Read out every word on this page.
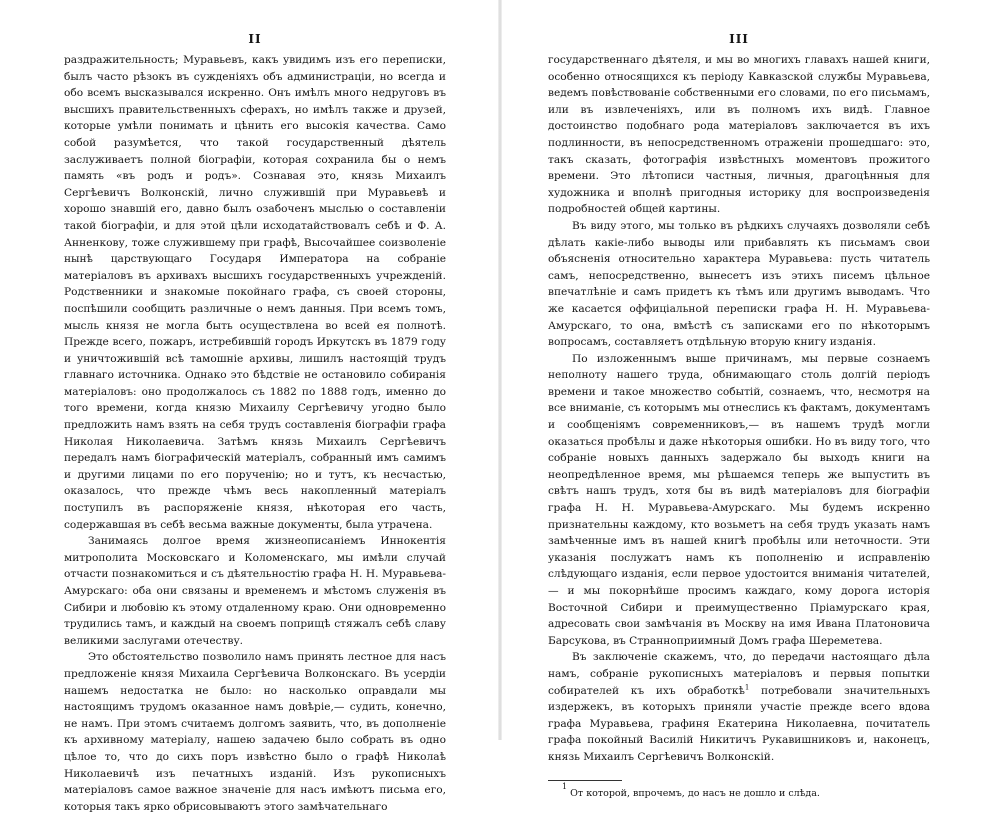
II

раздражительность; Муравьевъ, какъ увидимъ изъ его переписки, былъ часто рѣзокъ въ сужденіяхъ объ администраціи, но всегда и обо всемъ высказывался искренно. Онъ имѣлъ много недруговъ въ высшихъ правительственныхъ сферахъ, но имѣлъ также и друзей, которые умѣли понимать и цѣнить его высокія качества. Само собой разумѣется, что такой государственный дѣятель заслуживаетъ полной біографіи, которая сохранила бы о немъ память «въ родъ и родъ». Сознавая это, князь Михаилъ Сергѣевичъ Волконскій, лично служившій при Муравьевѣ и хорошо знавшій его, давно былъ озабоченъ мыслью о составленіи такой біографіи, и для этой цѣли исходатайствовалъ себѣ и Ф. А. Анненкову, тоже служившему при графѣ, Высочайшее соизволеніе нынѣ царствующаго Государя Императора на собраніе матеріаловъ въ архивахъ высшихъ государственныхъ учрежденій. Родственники и знакомые покойнаго графа, съ своей стороны, поспѣшили сообщить различные о немъ данныя. При всемъ томъ, мысль князя не могла быть осуществлена во всей ея полнотѣ. Прежде всего, пожаръ, истребившій городъ Иркутскъ въ 1879 году и уничтожившій всѣ тамошніе архивы, лишилъ настоящій трудъ главнаго источника. Однако это бѣдствіе не остановило собиранія матеріаловъ: оно продолжалось съ 1882 по 1888 годъ, именно до того времени, когда князю Михаилу Сергѣевичу угодно было предложить намъ взять на себя трудъ составленія біографіи графа Николая Николаевича. Затѣмъ князь Михаилъ Сергѣевичъ передалъ намъ біографическій матеріалъ, собранный имъ самимъ и другими лицами по его порученію; но и тутъ, къ несчастью, оказалось, что прежде чѣмъ весь накопленный матеріалъ поступилъ въ распоряженіе князя, нѣкоторая его часть, содержавшая въ себѣ весьма важные документы, была утрачена.

Занимаясь долгое время жизнеописаніемъ Иннокентія митрополита Московскаго и Коломенскаго, мы имѣли случай отчасти познакомиться и съ дѣятельностію графа Н. Н. Муравьева-Амурскаго: оба они связаны и временемъ и мѣстомъ служенія въ Сибири и любовію къ этому отдаленному краю. Они одновременно трудились тамъ, и каждый на своемъ поприщѣ стяжалъ себѣ славу великими заслугами отечеству.

Это обстоятельство позволило намъ принять лестное для насъ предложеніе князя Михаила Сергѣевича Волконскаго. Въ усердіи нашемъ недостатка не было: но насколько оправдали мы настоящимъ трудомъ оказанное намъ довѣріе,— судить, конечно, не намъ. При этомъ считаемъ долгомъ заявить, что, въ дополненіе къ архивному матеріалу, нашею задачею было собрать въ одно цѣлое то, что до сихъ поръ извѣстно было о графѣ Николаѣ Николаевичѣ изъ печатныхъ изданій. Изъ рукописныхъ матеріаловъ самое важное значеніе для насъ имѣютъ письма его, которыя такъ ярко обрисовываютъ этого замѣчательнаго

III

государственнаго дѣятеля, и мы во многихъ главахъ нашей книги, особенно относящихся къ періоду Кавказской службы Муравьева, ведемъ повѣствованіе собственными его словами, по его письмамъ, или въ извлеченіяхъ, или въ полномъ ихъ видѣ. Главное достоинство подобнаго рода матеріаловъ заключается въ ихъ подлинности, въ непосредственномъ отраженіи прошедшаго: это, такъ сказать, фотографія извѣстныхъ моментовъ прожитого времени. Это лѣтописи частныя, личныя, драгоцѣнныя для художника и вполнѣ пригодныя историку для воспроизведенія подробностей общей картины.

Въ виду этого, мы только въ рѣдкихъ случаяхъ дозволяли себѣ дѣлать какіе-либо выводы или прибавлять къ письмамъ свои объясненія относительно характера Муравьева: пусть читатель самъ, непосредственно, вынесетъ изъ этихъ писемъ цѣльное впечатлѣніе и самъ придетъ къ тѣмъ или другимъ выводамъ. Что же касается оффиціальной переписки графа Н. Н. Муравьева-Амурскаго, то она, вмѣстѣ съ записками его по нѣкоторымъ вопросамъ, составляетъ отдѣльную вторую книгу изданія.

По изложеннымъ выше причинамъ, мы первые сознаемъ неполноту нашего труда, обнимающаго столь долгій періодъ времени и такое множество событій, сознаемъ, что, несмотря на все вниманіе, съ которымъ мы отнеслись къ фактамъ, документамъ и сообщеніямъ современниковъ,— въ нашемъ трудѣ могли оказаться пробѣлы и даже нѣкоторыя ошибки. Но въ виду того, что собраніе новыхъ данныхъ задержало бы выходъ книги на неопредѣленное время, мы рѣшаемся теперь же выпустить въ свѣтъ нашъ трудъ, хотя бы въ видѣ матеріаловъ для біографіи графа Н. Н. Муравьева-Амурскаго. Мы будемъ искренно признательны каждому, кто возьметъ на себя трудъ указать намъ замѣченные имъ въ нашей книгѣ пробѣлы или неточности. Эти указанія послужатъ намъ къ пополненію и исправленію слѣдующаго изданія, если первое удостоится вниманія читателей,— и мы покорнѣйше просимъ каждаго, кому дорога исторія Восточной Сибири и преимущественно Пріамурскаго края, адресовать свои замѣчанія въ Москву на имя Ивана Платоновича Барсукова, въ Странноприимный Домъ графа Шереметева.

Въ заключеніе скажемъ, что, до передачи настоящаго дѣла намъ, собраніе рукописныхъ матеріаловъ и первыя попытки собирателей къ ихъ обработкѣ$^1$ потребовали значительныхъ издержекъ, въ которыхъ приняли участіе прежде всего вдова графа Муравьева, графиня Екатерина Николаевна, почитатель графа покойный Василій Никитичъ Рукавишниковъ и, наконецъ, князь Михаилъ Сергѣевичъ Волконскій.

$^1$ От которой, впрочемъ, до насъ не дошло и слѣда.
